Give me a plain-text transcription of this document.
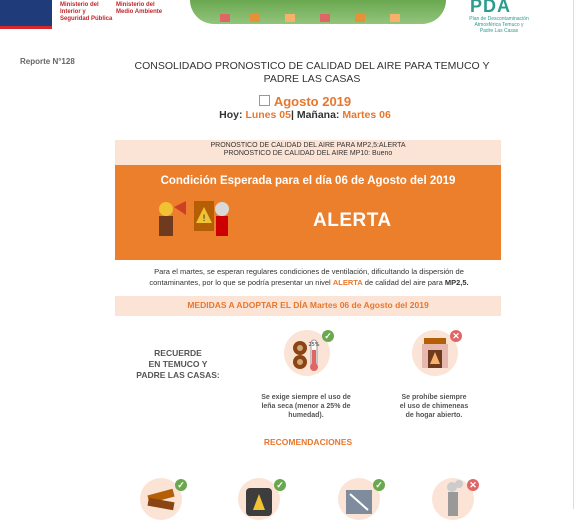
Ministerio del
Interior y
Seguridad Pública
Ministerio del
Medio Ambiente	PDA
Plan de Descontaminación Atmosférica Temuco y Padre Las Casas
Reporte N°128	CONSOLIDADO PRONOSTICO DE CALIDAD DEL AIRE PARA TEMUCO Y PADRE LAS CASAS
Agosto 2019
Hoy: Lunes 05| Mañana: Martes 06
PRONOSTICO DE CALIDAD DEL AIRE PARA MP2,5:ALERTA
PRONOSTICO DE CALIDAD DEL AIRE MP10: Bueno
Condición Esperada para el día 06 de Agosto del 2019
!	ALERTA
Para el martes, se esperan regulares condiciones de ventilación, dificultando la dispersión de
contaminantes, por lo que se podría presentar un nivel ALERTA de calidad del aire para MP2,5.
MEDIDAS A ADOPTAR EL DÍA Martes 06 de Agosto del 2019
RECUERDE
EN TEMUCO Y
PADRE LAS CASAS:
25%
✓
Se exige siempre el uso de
leña seca (menor a 25% de
humedad).
✕
Se prohíbe siempre
el uso de chimeneas
de hogar abierto.
RECOMENDACIONES
✓	✓	✓	✕
